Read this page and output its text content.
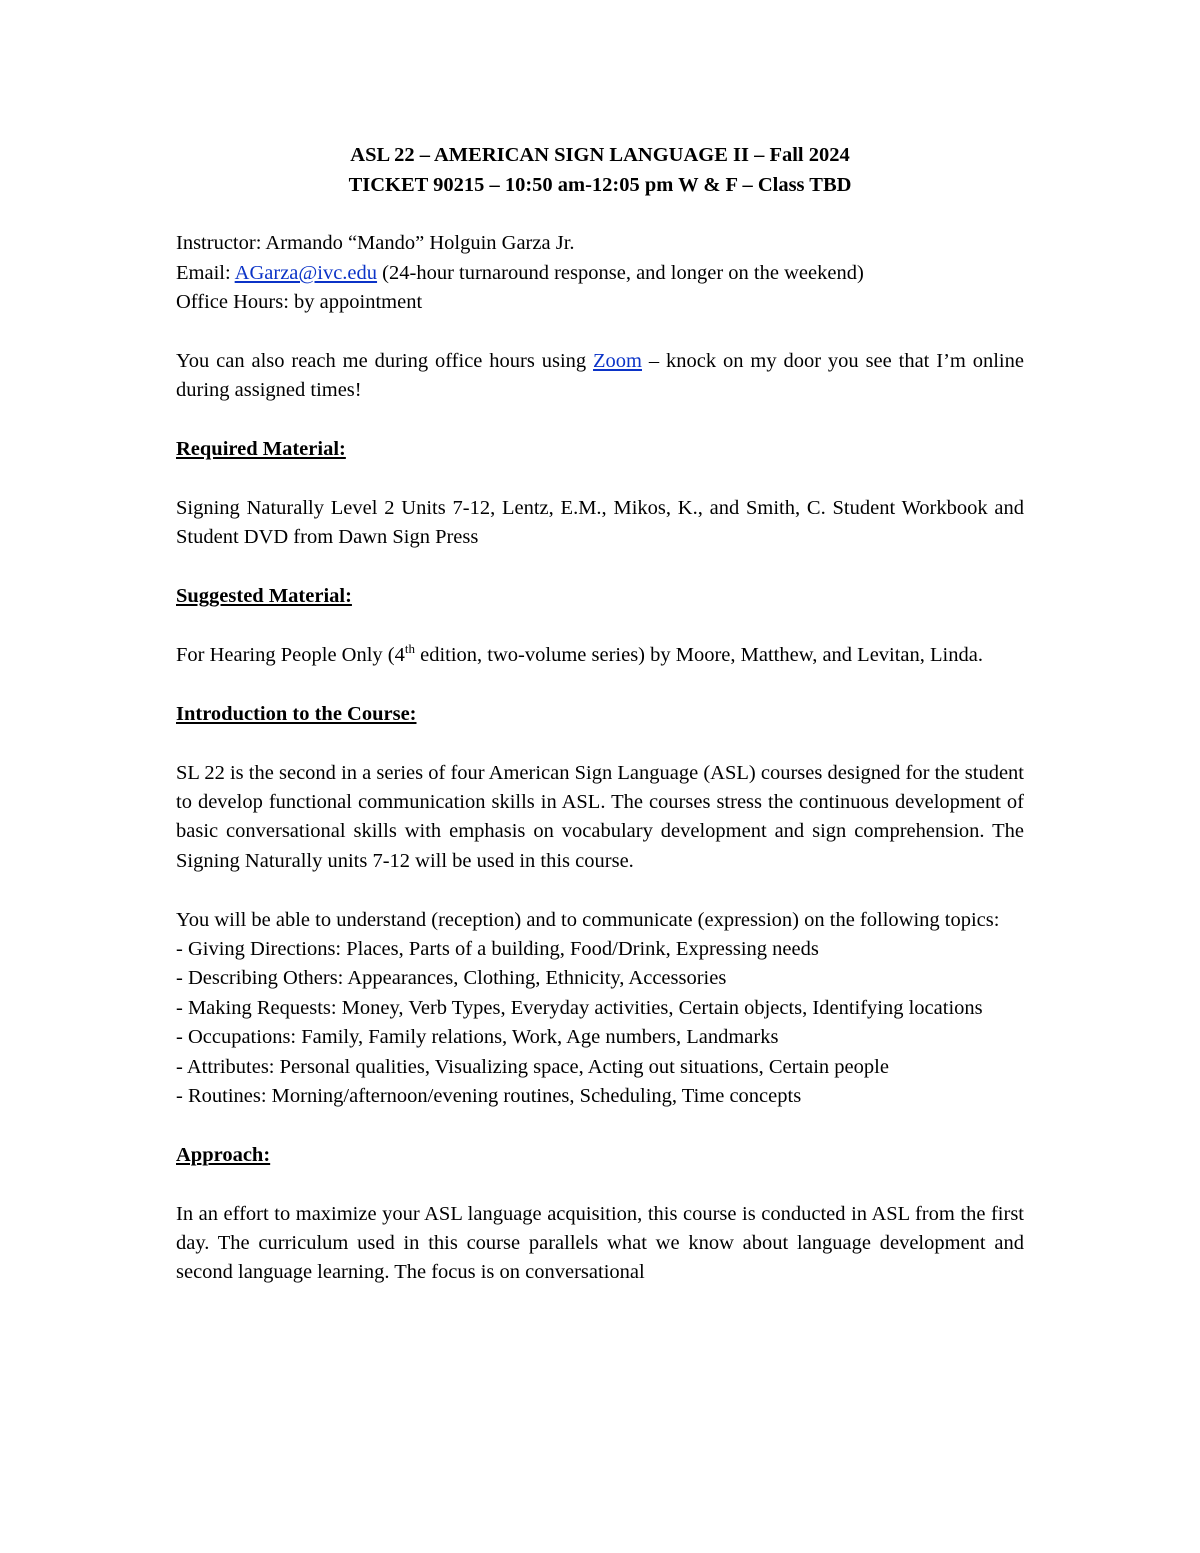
ASL 22 – AMERICAN SIGN LANGUAGE II – Fall 2024
TICKET 90215 – 10:50 am-12:05 pm W & F – Class TBD
Instructor: Armando “Mando” Holguin Garza Jr.
Email: AGarza@ivc.edu (24-hour turnaround response, and longer on the weekend)
Office Hours: by appointment
You can also reach me during office hours using Zoom – knock on my door you see that I’m online during assigned times!
Required Material:
Signing Naturally Level 2 Units 7-12, Lentz, E.M., Mikos, K., and Smith, C. Student Workbook and Student DVD from Dawn Sign Press
Suggested Material:
For Hearing People Only (4th edition, two-volume series) by Moore, Matthew, and Levitan, Linda.
Introduction to the Course:
SL 22 is the second in a series of four American Sign Language (ASL) courses designed for the student to develop functional communication skills in ASL. The courses stress the continuous development of basic conversational skills with emphasis on vocabulary development and sign comprehension. The Signing Naturally units 7-12 will be used in this course.
You will be able to understand (reception) and to communicate (expression) on the following topics:
- Giving Directions: Places, Parts of a building, Food/Drink, Expressing needs
- Describing Others: Appearances, Clothing, Ethnicity, Accessories
- Making Requests: Money, Verb Types, Everyday activities, Certain objects, Identifying locations
- Occupations: Family, Family relations, Work, Age numbers, Landmarks
- Attributes: Personal qualities, Visualizing space, Acting out situations, Certain people
- Routines: Morning/afternoon/evening routines, Scheduling, Time concepts
Approach:
In an effort to maximize your ASL language acquisition, this course is conducted in ASL from the first day. The curriculum used in this course parallels what we know about language development and second language learning. The focus is on conversational
